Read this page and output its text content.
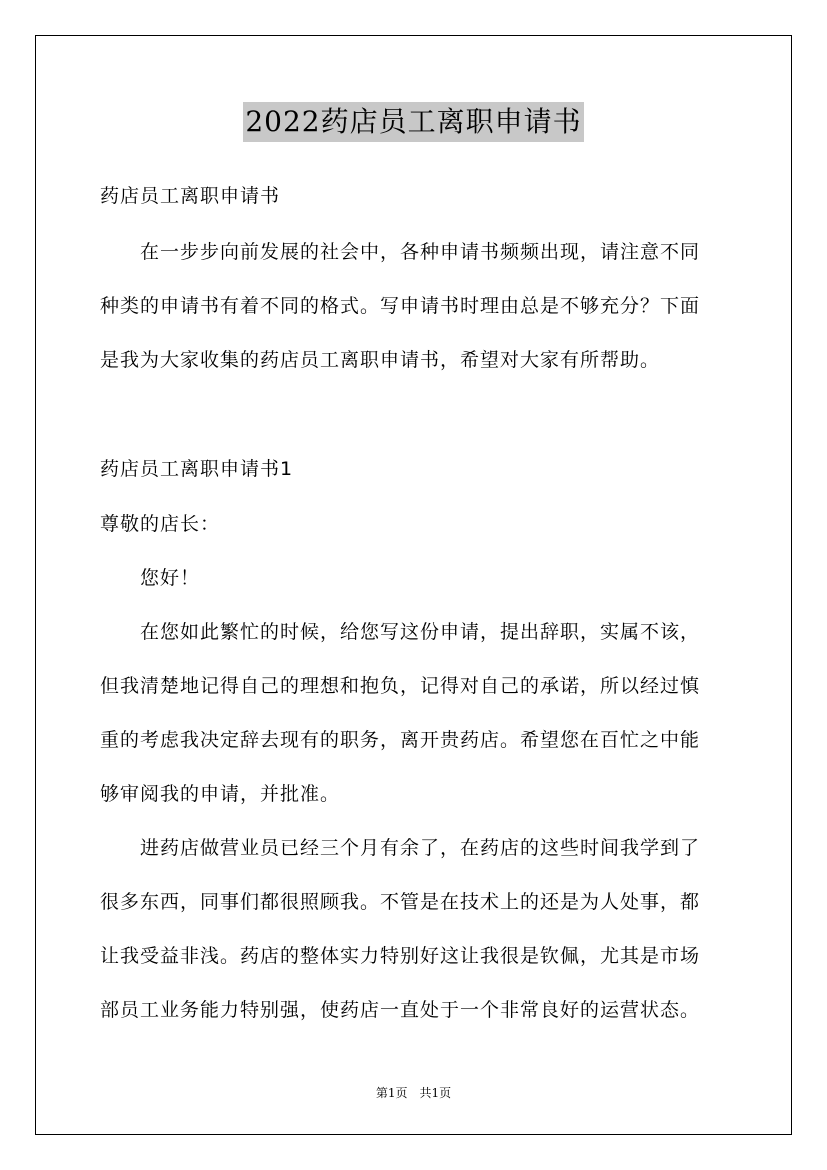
2022药店员工离职申请书
药店员工离职申请书
　　在一步步向前发展的社会中，各种申请书频频出现，请注意不同
种类的申请书有着不同的格式。写申请书时理由总是不够充分？下面
是我为大家收集的药店员工离职申请书，希望对大家有所帮助。
药店员工离职申请书1
尊敬的店长：
　　您好！
　　在您如此繁忙的时候，给您写这份申请，提出辞职，实属不该，
但我清楚地记得自己的理想和抱负，记得对自己的承诺，所以经过慎
重的考虑我决定辞去现有的职务，离开贵药店。希望您在百忙之中能
够审阅我的申请，并批准。
　　进药店做营业员已经三个月有余了，在药店的这些时间我学到了
很多东西，同事们都很照顾我。不管是在技术上的还是为人处事，都
让我受益非浅。药店的整体实力特别好这让我很是钦佩，尤其是市场
部员工业务能力特别强，使药店一直处于一个非常良好的运营状态。
第1页　共1页
